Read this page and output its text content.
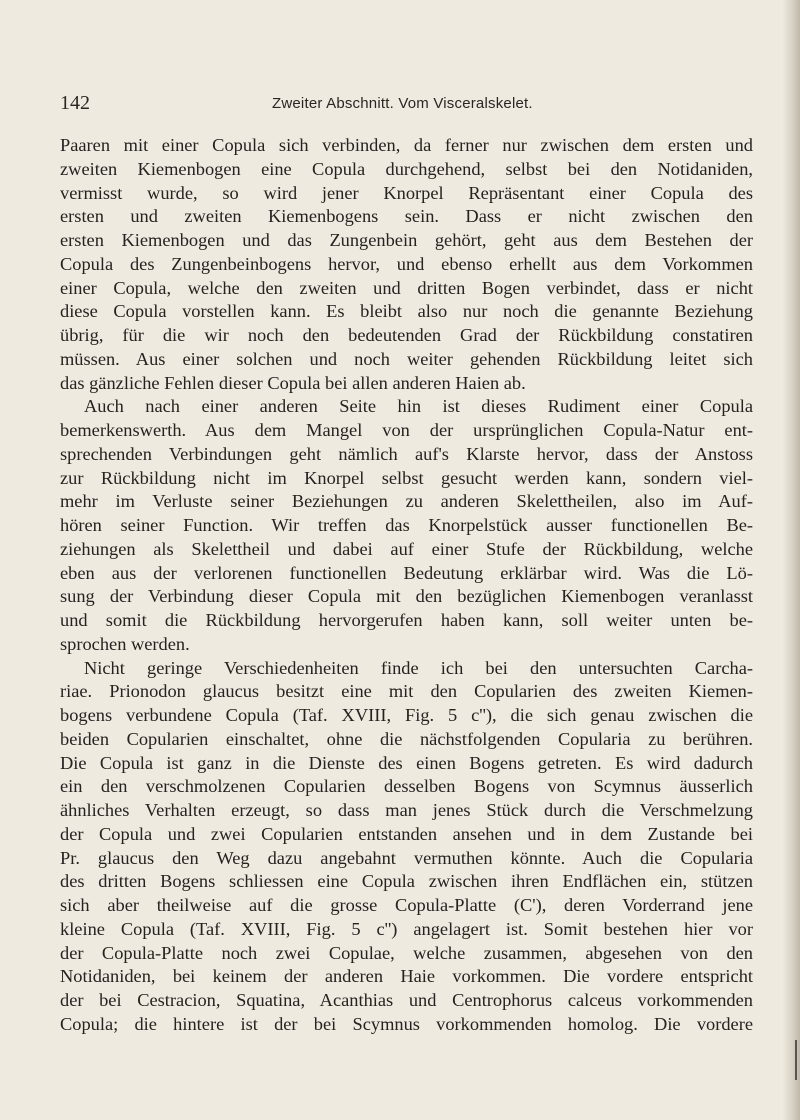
142	Zweiter Abschnitt. Vom Visceralskelet.
Paaren mit einer Copula sich verbinden, da ferner nur zwischen dem ersten und
zweiten Kiemenbogen eine Copula durchgehend, selbst bei den Notidaniden,
vermisst wurde, so wird jener Knorpel Repräsentant einer Copula des
ersten und zweiten Kiemenbogens sein. Dass er nicht zwischen den
ersten Kiemenbogen und das Zungenbein gehört, geht aus dem Bestehen der
Copula des Zungenbeinbogens hervor, und ebenso erhellt aus dem Vorkommen
einer Copula, welche den zweiten und dritten Bogen verbindet, dass er nicht
diese Copula vorstellen kann. Es bleibt also nur noch die genannte Beziehung
übrig, für die wir noch den bedeutenden Grad der Rückbildung constatiren
müssen. Aus einer solchen und noch weiter gehenden Rückbildung leitet sich
das gänzliche Fehlen dieser Copula bei allen anderen Haien ab.
Auch nach einer anderen Seite hin ist dieses Rudiment einer Copula
bemerkenswerth. Aus dem Mangel von der ursprünglichen Copula-Natur ent-
sprechenden Verbindungen geht nämlich auf's Klarste hervor, dass der Anstoss
zur Rückbildung nicht im Knorpel selbst gesucht werden kann, sondern viel-
mehr im Verluste seiner Beziehungen zu anderen Skelettheilen, also im Auf-
hören seiner Function. Wir treffen das Knorpelstück ausser functionellen Be-
ziehungen als Skelettheil und dabei auf einer Stufe der Rückbildung, welche
eben aus der verlorenen functionellen Bedeutung erklärbar wird. Was die Lö-
sung der Verbindung dieser Copula mit den bezüglichen Kiemenbogen veranlasst
und somit die Rückbildung hervorgerufen haben kann, soll weiter unten be-
sprochen werden.
Nicht geringe Verschiedenheiten finde ich bei den untersuchten Carcha-
riae. Prionodon glaucus besitzt eine mit den Copularien des zweiten Kiemen-
bogens verbundene Copula (Taf. XVIII, Fig. 5 c''), die sich genau zwischen die
beiden Copularien einschaltet, ohne die nächstfolgenden Copularia zu berühren.
Die Copula ist ganz in die Dienste des einen Bogens getreten. Es wird dadurch
ein den verschmolzenen Copularien desselben Bogens von Scymnus äusserlich
ähnliches Verhalten erzeugt, so dass man jenes Stück durch die Verschmelzung
der Copula und zwei Copularien entstanden ansehen und in dem Zustande bei
Pr. glaucus den Weg dazu angebahnt vermuthen könnte. Auch die Copularia
des dritten Bogens schliessen eine Copula zwischen ihren Endflächen ein, stützen
sich aber theilweise auf die grosse Copula-Platte (C'), deren Vorderrand jene
kleine Copula (Taf. XVIII, Fig. 5 c'') angelagert ist. Somit bestehen hier vor
der Copula-Platte noch zwei Copulae, welche zusammen, abgesehen von den
Notidaniden, bei keinem der anderen Haie vorkommen. Die vordere entspricht
der bei Cestracion, Squatina, Acanthias und Centrophorus calceus vorkommenden
Copula; die hintere ist der bei Scymnus vorkommenden homolog. Die vordere
